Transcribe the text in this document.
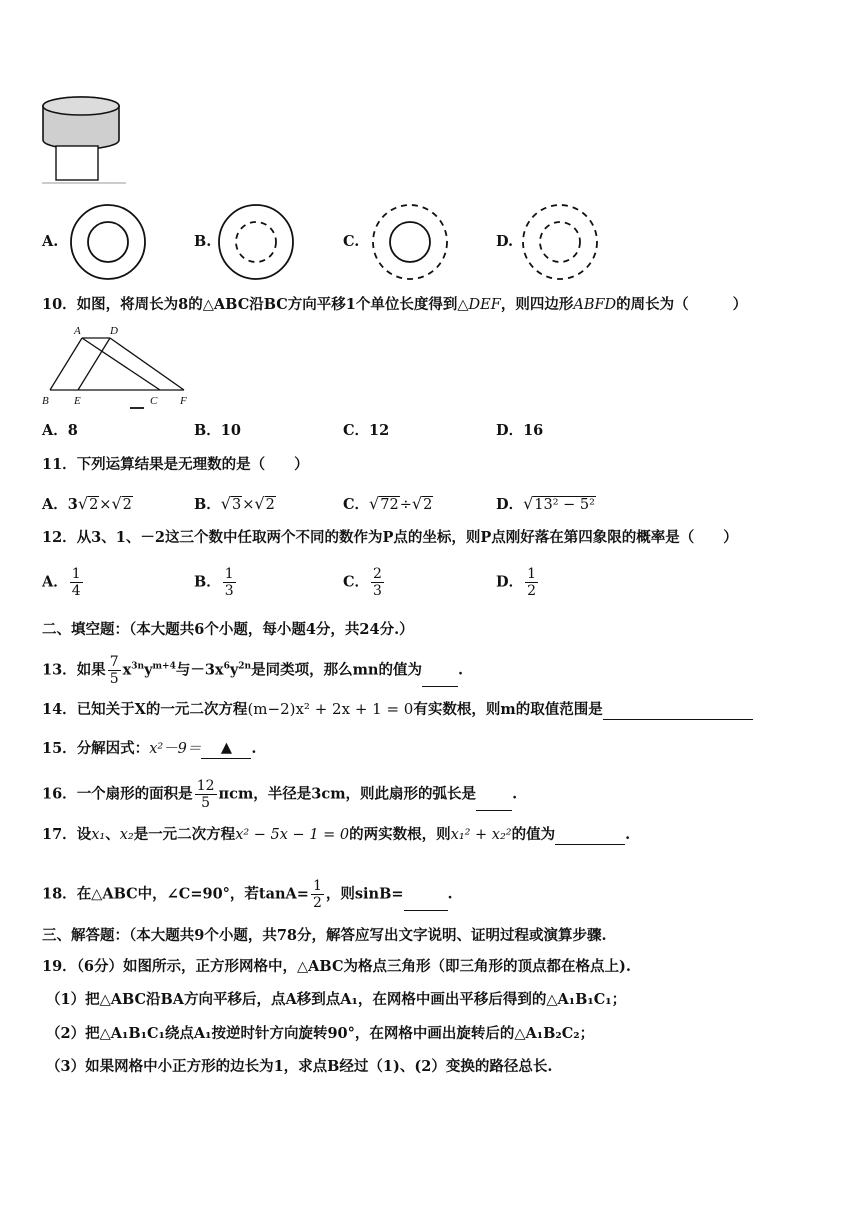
A.	B.	C.	D.
10．如图，将周长为8的△ABC沿BC方向平移1个单位长度得到△DEF，则四边形ABFD的周长为（	）
A	D
B E	C F
A．8	B．10	C．12	D．16
11．下列运算结果是无理数的是（　　）
A．3√2×√2	B．√3×√2	C．√72÷√2	D．√13² − 5²
12．从3、1、－2这三个数中任取两个不同的数作为P点的坐标，则P点刚好落在第四象限的概率是（　　）
A． $\frac{1}{4}$	B． $\frac{1}{3}$	C． $\frac{2}{3}$	D． $\frac{1}{2}$
二、填空题：（本大题共6个小题，每小题4分，共24分.）
13．如果 $\frac{7}{5} x^{3n}y^{m+4}$与$-3x^6y^{2n}$是同类项，那么mn的值为 .
14．已知关于X的一元二次方程(m−2)x² + 2x + 1 = 0有实数根，则m的取值范围是
15．分解因式：x²－9＝ ▲ .
16．一个扇形的面积是 $\frac{12}{5}$ πcm，半径是3cm，则此扇形的弧长是 .
17．设x₁、x₂是一元二次方程x² − 5x − 1 = 0的两实数根，则x₁² + x₂²的值为	.
18．在△ABC中，∠C=90°，若$\tan A= \frac{1}{2}$ ，则sinB=	.
三、解答题：（本大题共9个小题，共78分，解答应写出文字说明、证明过程或演算步骤.
19．（6分）如图所示，正方形网格中，△ABC为格点三角形（即三角形的顶点都在格点上).
（1）把△ABC沿BA方向平移后，点A移到点A₁，在网格中画出平移后得到的△A₁B₁C₁；
（2）把△A₁B₁C₁绕点A₁按逆时针方向旋转90°，在网格中画出旋转后的△A₁B₂C₂；
（3）如果网格中小正方形的边长为1，求点B经过（1)、(2）变换的路径总长.
